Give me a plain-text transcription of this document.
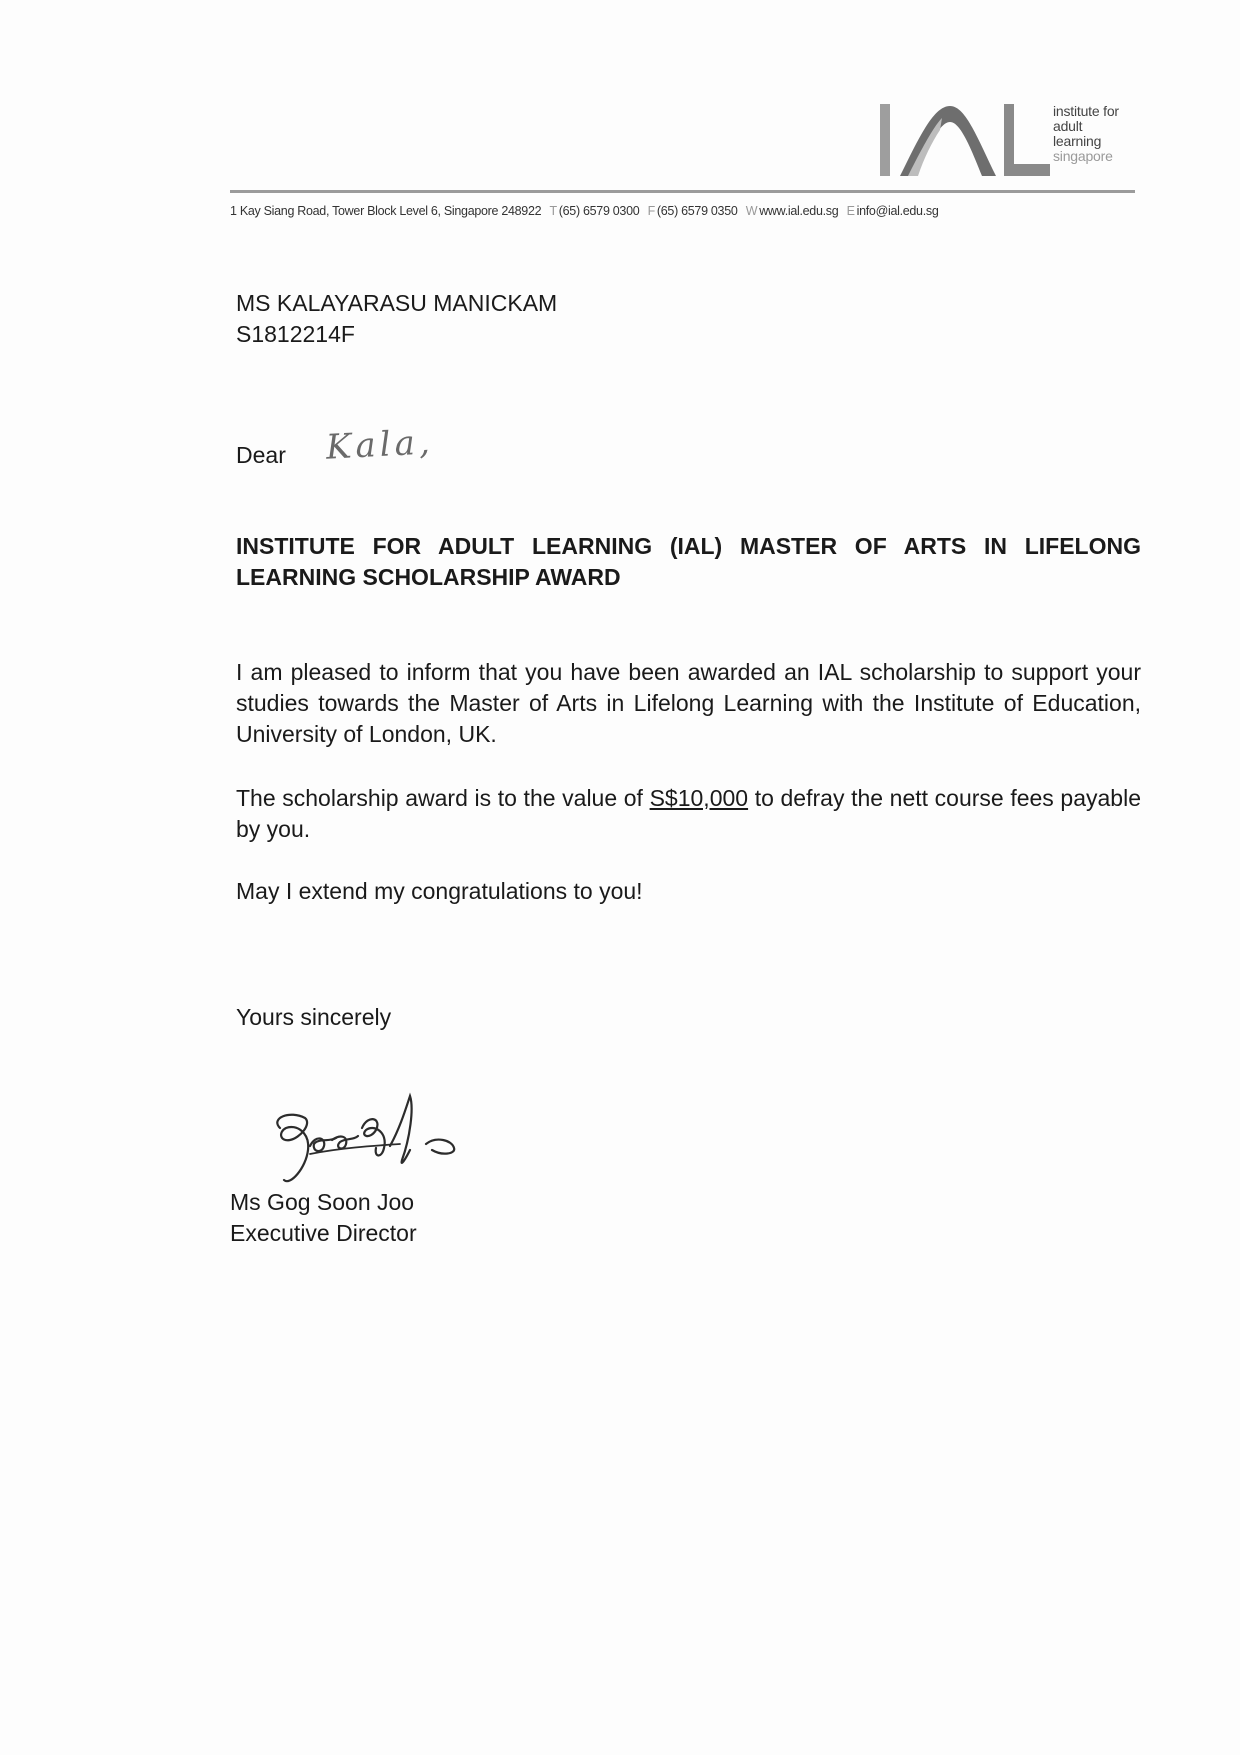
institute for
adult
learning
singapore
1 Kay Siang Road, Tower Block Level 6, Singapore 248922 T (65) 6579 0300 F (65) 6579 0350 W www.ial.edu.sg E info@ial.edu.sg
MS KALAYARASU MANICKAM
S1812214F
Dear Kala,
INSTITUTE FOR ADULT LEARNING (IAL) MASTER OF ARTS IN LIFELONG LEARNING SCHOLARSHIP AWARD
I am pleased to inform that you have been awarded an IAL scholarship to support your studies towards the Master of Arts in Lifelong Learning with the Institute of Education, University of London, UK.
The scholarship award is to the value of S$10,000 to defray the nett course fees payable by you.
May I extend my congratulations to you!
Yours sincerely
Ms Gog Soon Joo
Executive Director
